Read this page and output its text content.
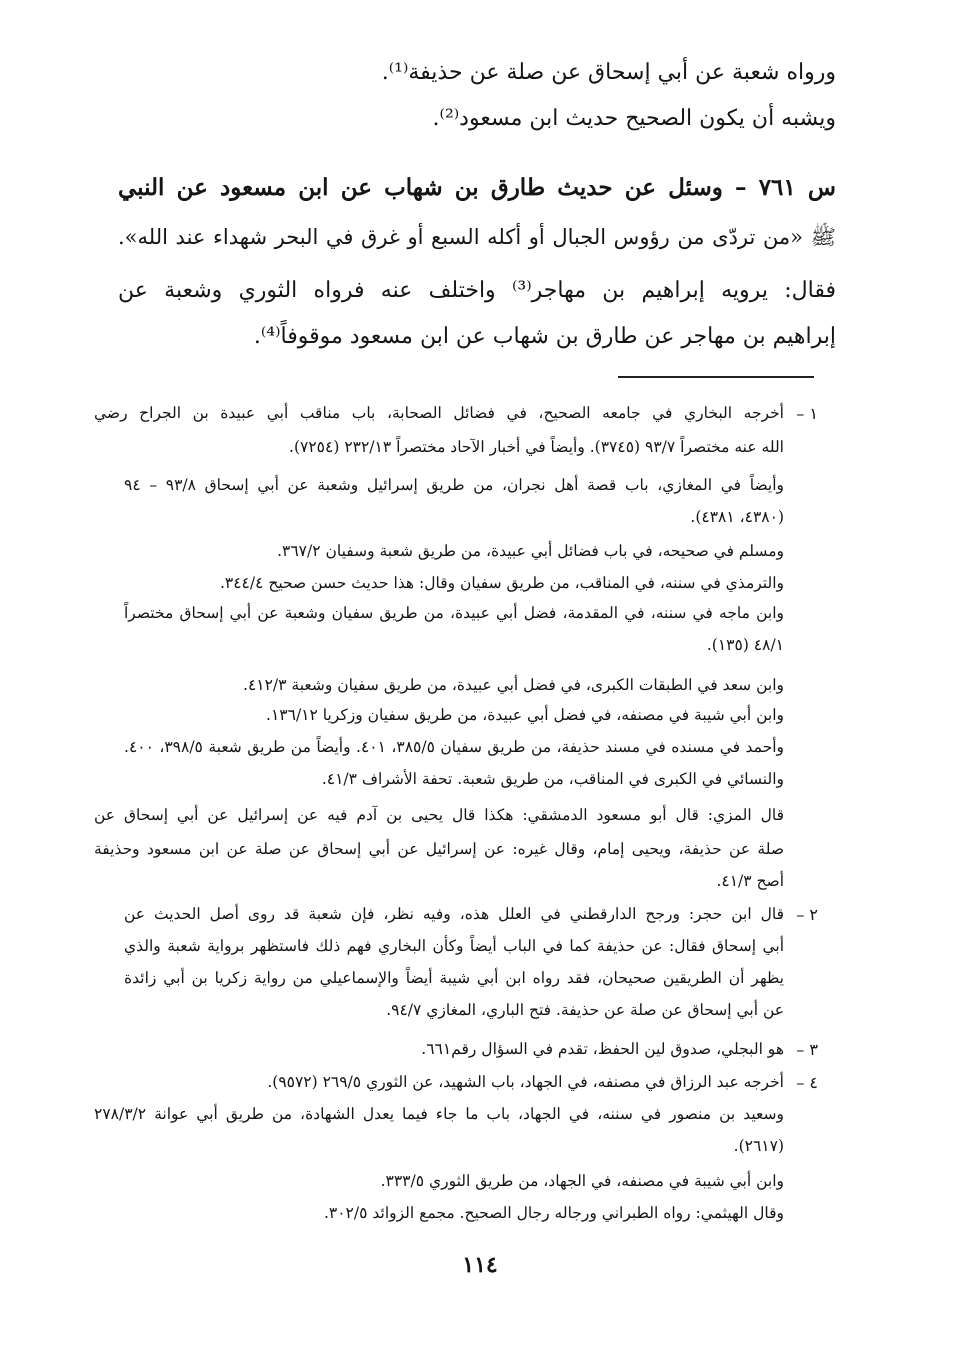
ورواه شعبة عن أبي إسحاق عن صلة عن حذيفة⁽¹⁾.
ويشبه أن يكون الصحيح حديث ابن مسعود⁽²⁾.
س ٧٦١ – وسئل عن حديث طارق بن شهاب عن ابن مسعود عن النبي
ﷺ «من تردّى من رؤوس الجبال أو أكله السبع أو غرق في البحر شهداء عند الله».
فقال: يرويه إبراهيم بن مهاجر⁽³⁾ واختلف عنه فرواه الثوري وشعبة عن
إبراهيم بن مهاجر عن طارق بن شهاب عن ابن مسعود موقوفاً⁽⁴⁾.
١ –
٢ –
٣ –
٤ –
أخرجه البخاري في جامعه الصحيح، في فضائل الصحابة، باب مناقب أبي عبيدة بن الجراح رضي
الله عنه مختصراً ٩٣/٧ (٣٧٤٥). وأيضاً في أخبار الآحاد مختصراً ٢٣٢/١٣ (٧٢٥٤).
وأيضاً في المغازي، باب قصة أهل نجران، من طريق إسرائيل وشعبة عن أبي إسحاق ٩٣/٨ – ٩٤
(٤٣٨٠، ٤٣٨١).
ومسلم في صحيحه، في باب فضائل أبي عبيدة، من طريق شعبة وسفيان ٣٦٧/٢.
والترمذي في سننه، في المناقب، من طريق سفيان وقال: هذا حديث حسن صحيح ٣٤٤/٤.
وابن ماجه في سننه، في المقدمة، فضل أبي عبيدة، من طريق سفيان وشعبة عن أبي إسحاق مختصراً
٤٨/١ (١٣٥).
وابن سعد في الطبقات الكبرى، في فضل أبي عبيدة، من طريق سفيان وشعبة ٤١٢/٣.
وابن أبي شيبة في مصنفه، في فضل أبي عبيدة، من طريق سفيان وزكريا ١٣٦/١٢.
وأحمد في مسنده في مسند حذيفة، من طريق سفيان ٣٨٥/٥، ٤٠١. وأيضاً من طريق شعبة ٣٩٨/٥، ٤٠٠.
والنسائي في الكبرى في المناقب، من طريق شعبة. تحفة الأشراف ٤١/٣.
قال المزي: قال أبو مسعود الدمشقي: هكذا قال يحيى بن آدم فيه عن إسرائيل عن أبي إسحاق عن
صلة عن حذيفة، ويحيى إمام، وقال غيره: عن إسرائيل عن أبي إسحاق عن صلة عن ابن مسعود وحذيفة
أصح ٤١/٣.
قال ابن حجر: ورجح الدارقطني في العلل هذه، وفيه نظر، فإن شعبة قد روى أصل الحديث عن
أبي إسحاق فقال: عن حذيفة كما في الباب أيضاً وكأن البخاري فهم ذلك فاستظهر برواية شعبة والذي
يظهر أن الطريقين صحيحان، فقد رواه ابن أبي شيبة أيضاً والإسماعيلي من رواية زكريا بن أبي زائدة
عن أبي إسحاق عن صلة عن حذيفة. فتح الباري، المغازي ٩٤/٧.
هو البجلي، صدوق لين الحفظ، تقدم في السؤال رقم٦٦١.
أخرجه عبد الرزاق في مصنفه، في الجهاد، باب الشهيد، عن الثوري ٢٦٩/٥ (٩٥٧٢).
وسعيد بن منصور في سننه، في الجهاد، باب ما جاء فيما يعدل الشهادة، من طريق أبي عوانة ٢٧٨/٣/٢
(٢٦١٧).
وابن أبي شيبة في مصنفه، في الجهاد، من طريق الثوري ٣٣٣/٥.
وقال الهيثمي: رواه الطبراني ورجاله رجال الصحيح. مجمع الزوائد ٣٠٢/٥.
١١٤
